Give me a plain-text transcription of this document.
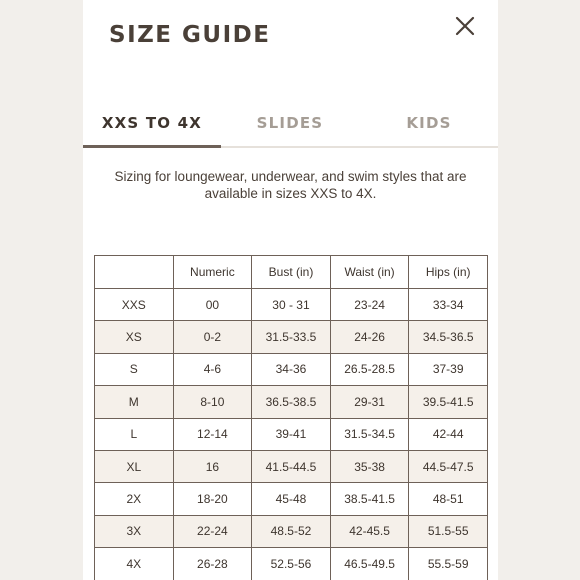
SIZE GUIDE
XXS TO 4X	SLIDES	KIDS

Sizing for loungewear, underwear, and swim styles that are available in sizes XXS to 4X.

	Numeric	Bust (in)	Waist (in)	Hips (in)
XXS	00	30 - 31	23-24	33-34
XS	0-2	31.5-33.5	24-26	34.5-36.5
S	4-6	34-36	26.5-28.5	37-39
M	8-10	36.5-38.5	29-31	39.5-41.5
L	12-14	39-41	31.5-34.5	42-44
XL	16	41.5-44.5	35-38	44.5-47.5
2X	18-20	45-48	38.5-41.5	48-51
3X	22-24	48.5-52	42-45.5	51.5-55
4X	26-28	52.5-56	46.5-49.5	55.5-59
